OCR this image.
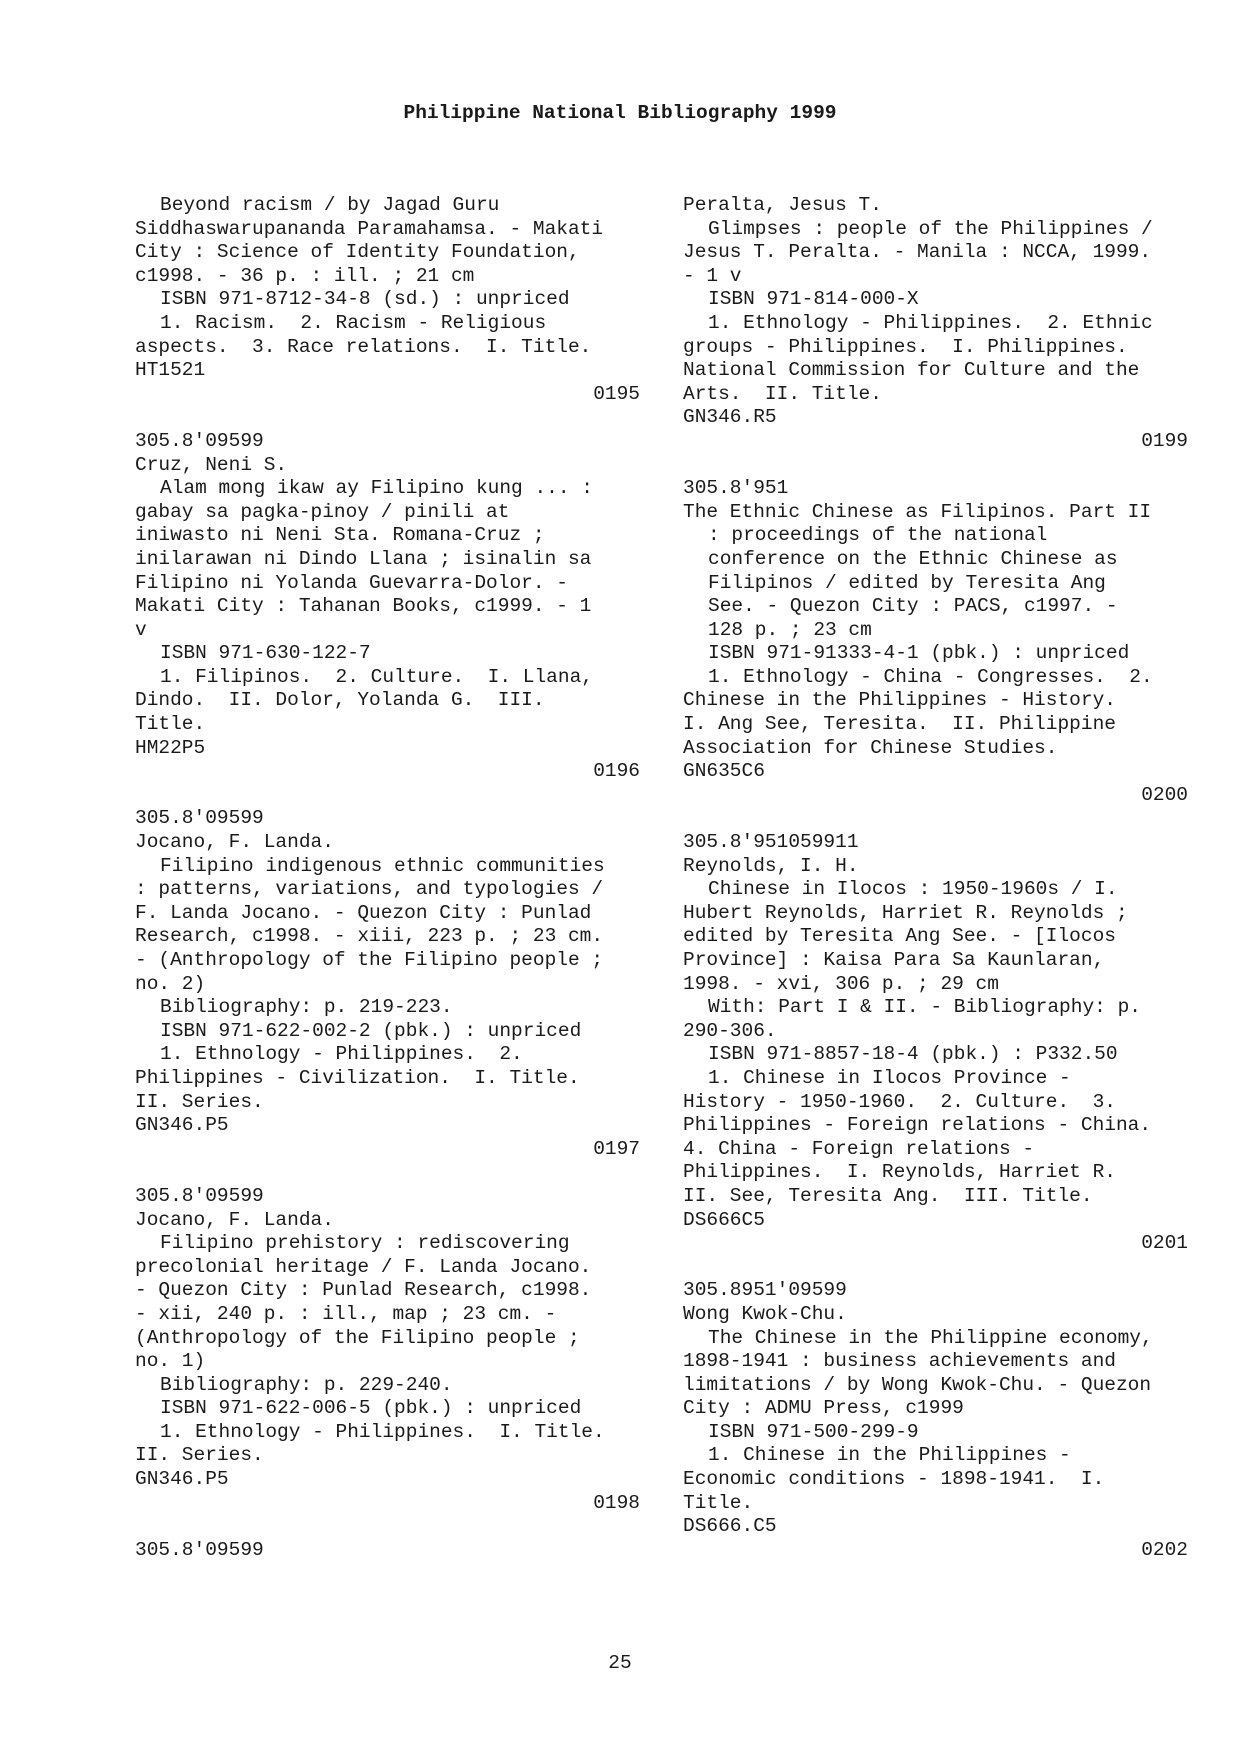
Philippine National Bibliography 1999
Beyond racism / by Jagad Guru
Siddhaswarupananda Paramahamsa. - Makati
City : Science of Identity Foundation,
c1998. - 36 p. : ill. ; 21 cm
ISBN 971-8712-34-8 (sd.) : unpriced
1. Racism.  2. Racism - Religious
aspects.  3. Race relations.  I. Title.
HT1521
0195
305.8'09599
Cruz, Neni S.
Alam mong ikaw ay Filipino kung ... :
gabay sa pagka-pinoy / pinili at
iniwasto ni Neni Sta. Romana-Cruz ;
inilarawan ni Dindo Llana ; isinalin sa
Filipino ni Yolanda Guevarra-Dolor. -
Makati City : Tahanan Books, c1999. - 1
v
ISBN 971-630-122-7
1. Filipinos.  2. Culture.  I. Llana,
Dindo.  II. Dolor, Yolanda G.  III.
Title.
HM22P5
0196
305.8'09599
Jocano, F. Landa.
Filipino indigenous ethnic communities
: patterns, variations, and typologies /
F. Landa Jocano. - Quezon City : Punlad
Research, c1998. - xiii, 223 p. ; 23 cm.
- (Anthropology of the Filipino people ;
no. 2)
Bibliography: p. 219-223.
ISBN 971-622-002-2 (pbk.) : unpriced
1. Ethnology - Philippines.  2.
Philippines - Civilization.  I. Title.
II. Series.
GN346.P5
0197
305.8'09599
Jocano, F. Landa.
Filipino prehistory : rediscovering
precolonial heritage / F. Landa Jocano.
- Quezon City : Punlad Research, c1998.
- xii, 240 p. : ill., map ; 23 cm. -
(Anthropology of the Filipino people ;
no. 1)
Bibliography: p. 229-240.
ISBN 971-622-006-5 (pbk.) : unpriced
1. Ethnology - Philippines.  I. Title.
II. Series.
GN346.P5
0198
305.8'09599
Peralta, Jesus T.
Glimpses : people of the Philippines /
Jesus T. Peralta. - Manila : NCCA, 1999.
- 1 v
ISBN 971-814-000-X
1. Ethnology - Philippines.  2. Ethnic
groups - Philippines.  I. Philippines.
National Commission for Culture and the
Arts.  II. Title.
GN346.R5
0199
305.8'951
The Ethnic Chinese as Filipinos. Part II
: proceedings of the national
conference on the Ethnic Chinese as
Filipinos / edited by Teresita Ang
See. - Quezon City : PACS, c1997. -
128 p. ; 23 cm
ISBN 971-91333-4-1 (pbk.) : unpriced
1. Ethnology - China - Congresses.  2.
Chinese in the Philippines - History.
I. Ang See, Teresita.  II. Philippine
Association for Chinese Studies.
GN635C6
0200
305.8'951059911
Reynolds, I. H.
Chinese in Ilocos : 1950-1960s / I.
Hubert Reynolds, Harriet R. Reynolds ;
edited by Teresita Ang See. - [Ilocos
Province] : Kaisa Para Sa Kaunlaran,
1998. - xvi, 306 p. ; 29 cm
With: Part I & II. - Bibliography: p.
290-306.
ISBN 971-8857-18-4 (pbk.) : P332.50
1. Chinese in Ilocos Province -
History - 1950-1960.  2. Culture.  3.
Philippines - Foreign relations - China.
4. China - Foreign relations -
Philippines.  I. Reynolds, Harriet R.
II. See, Teresita Ang.  III. Title.
DS666C5
0201
305.8951'09599
Wong Kwok-Chu.
The Chinese in the Philippine economy,
1898-1941 : business achievements and
limitations / by Wong Kwok-Chu. - Quezon
City : ADMU Press, c1999
ISBN 971-500-299-9
1. Chinese in the Philippines -
Economic conditions - 1898-1941.  I.
Title.
DS666.C5
0202
25
